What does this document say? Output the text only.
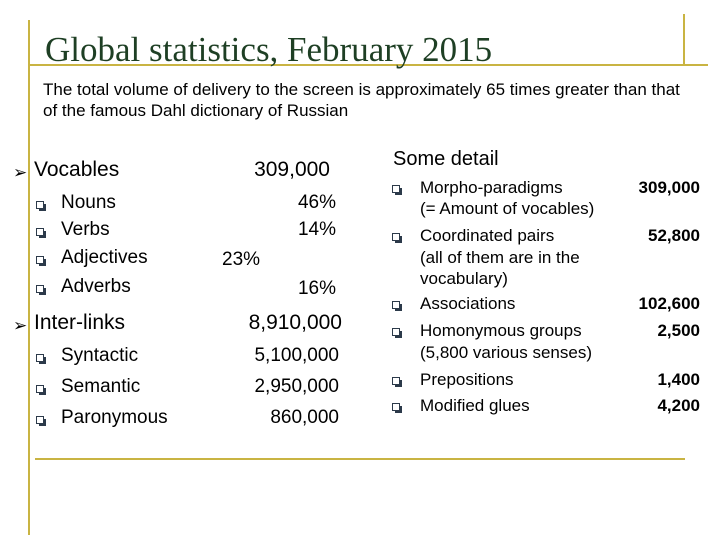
Global statistics, February 2015
The total volume of delivery to the screen is approximately 65 times greater than that of the famous Dahl dictionary of Russian
➢ Vocables	309,000
Nouns	46%
Verbs	14%
Adjectives	23%
Adverbs	16%
➢ Inter-links	8,910,000
Syntactic	5,100,000
Semantic	2,950,000
Paronymous	860,000
Some detail
Morpho-paradigms	309,000
(= Amount of vocables)
Coordinated pairs	52,800
(all of them are in the
vocabulary)
Associations	102,600
Homonymous groups	2,500
(5,800 various senses)
Prepositions	1,400
Modified glues	4,200
